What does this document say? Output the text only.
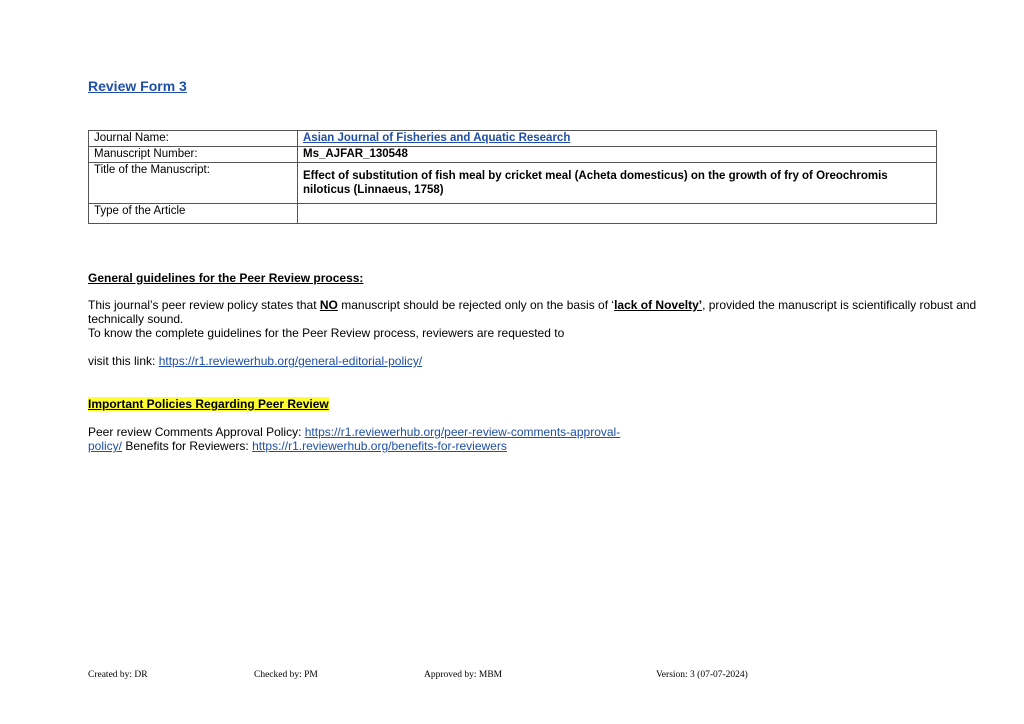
Review Form 3
Journal Name:	Asian Journal of Fisheries and Aquatic Research
Manuscript Number:	Ms_AJFAR_130548
Title of the Manuscript:	Effect of substitution of fish meal by cricket meal (Acheta domesticus) on the growth of fry of Oreochromis niloticus (Linnaeus, 1758)
Type of the Article	

General guidelines for the Peer Review process:

This journal’s peer review policy states that NO manuscript should be rejected only on the basis of ‘lack of Novelty’, provided the manuscript is scientifically robust and technically sound.
To know the complete guidelines for the Peer Review process, reviewers are requested to

visit this link: https://r1.reviewerhub.org/general-editorial-policy/

Important Policies Regarding Peer Review

Peer review Comments Approval Policy: https://r1.reviewerhub.org/peer-review-comments-approval-policy/ Benefits for Reviewers: https://r1.reviewerhub.org/benefits-for-reviewers

Created by: DR	Checked by: PM	Approved by: MBM	Version: 3 (07-07-2024)
